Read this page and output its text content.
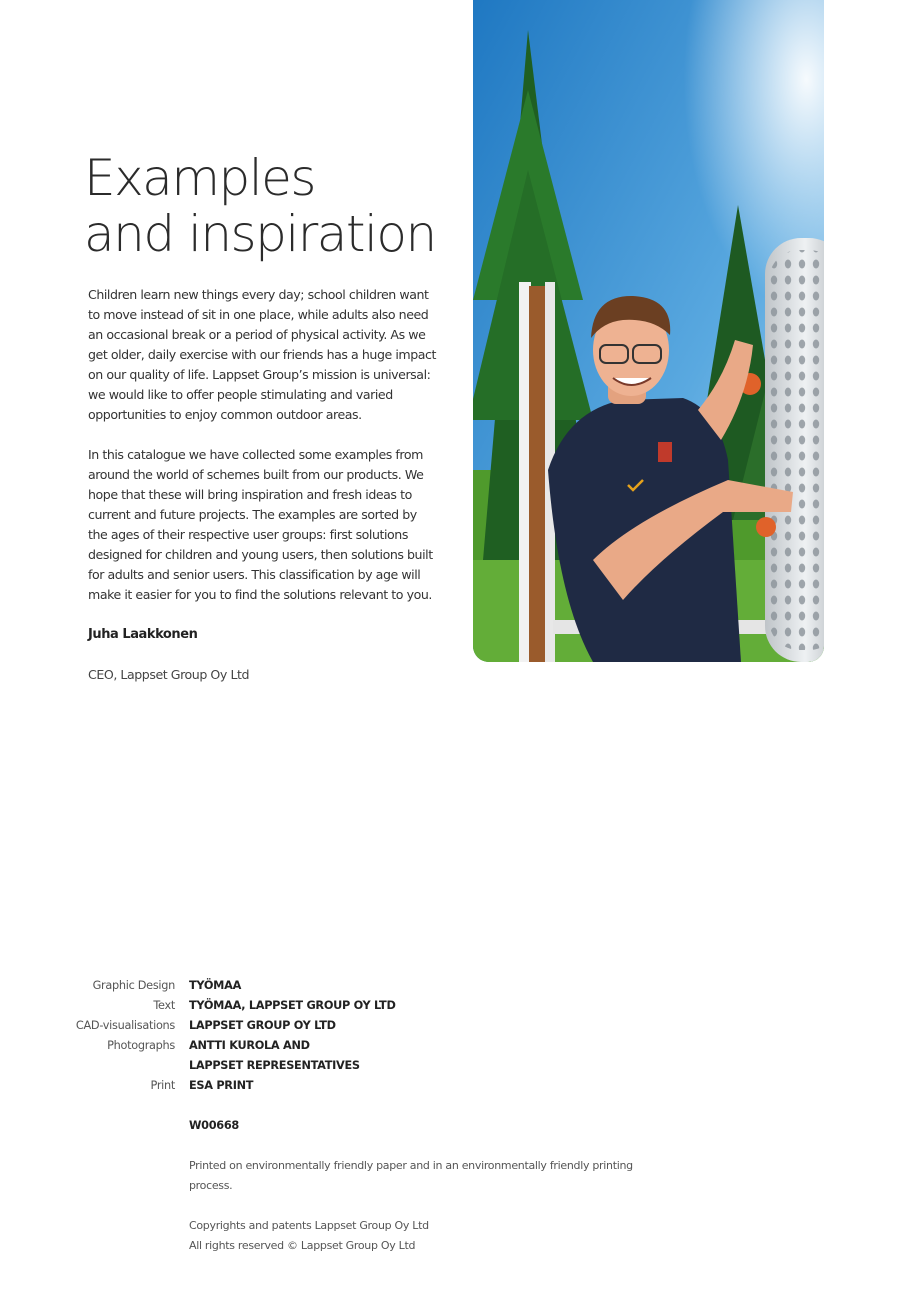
Examples
and inspiration

Children learn new things every day; school children want to move instead of sit in one place, while adults also need an occasional break or a period of physical activity. As we get older, daily exercise with our friends has a huge impact on our quality of life. Lappset Group’s mission is universal: we would like to offer people stimulating and varied opportunities to enjoy common outdoor areas.

In this catalogue we have collected some examples from around the world of schemes built from our products. We hope that these will bring inspiration and fresh ideas to current and future projects. The examples are sorted by the ages of their respective user groups: first solutions designed for children and young users, then solutions built for adults and senior users. This classification by age will make it easier for you to find the solutions relevant to you.

Juha Laakkonen

CEO, Lappset Group Oy Ltd

Graphic Design	TYÖMAA
Text	TYÖMAA, LAPPSET GROUP OY LTD
CAD-visualisations	LAPPSET GROUP OY LTD
Photographs	ANTTI KUROLA AND
LAPPSET REPRESENTATIVES
Print	ESA PRINT
W00668
Printed on environmentally friendly paper and in an environmentally friendly printing process.
Copyrights and patents Lappset Group Oy Ltd
All rights reserved © Lappset Group Oy Ltd
